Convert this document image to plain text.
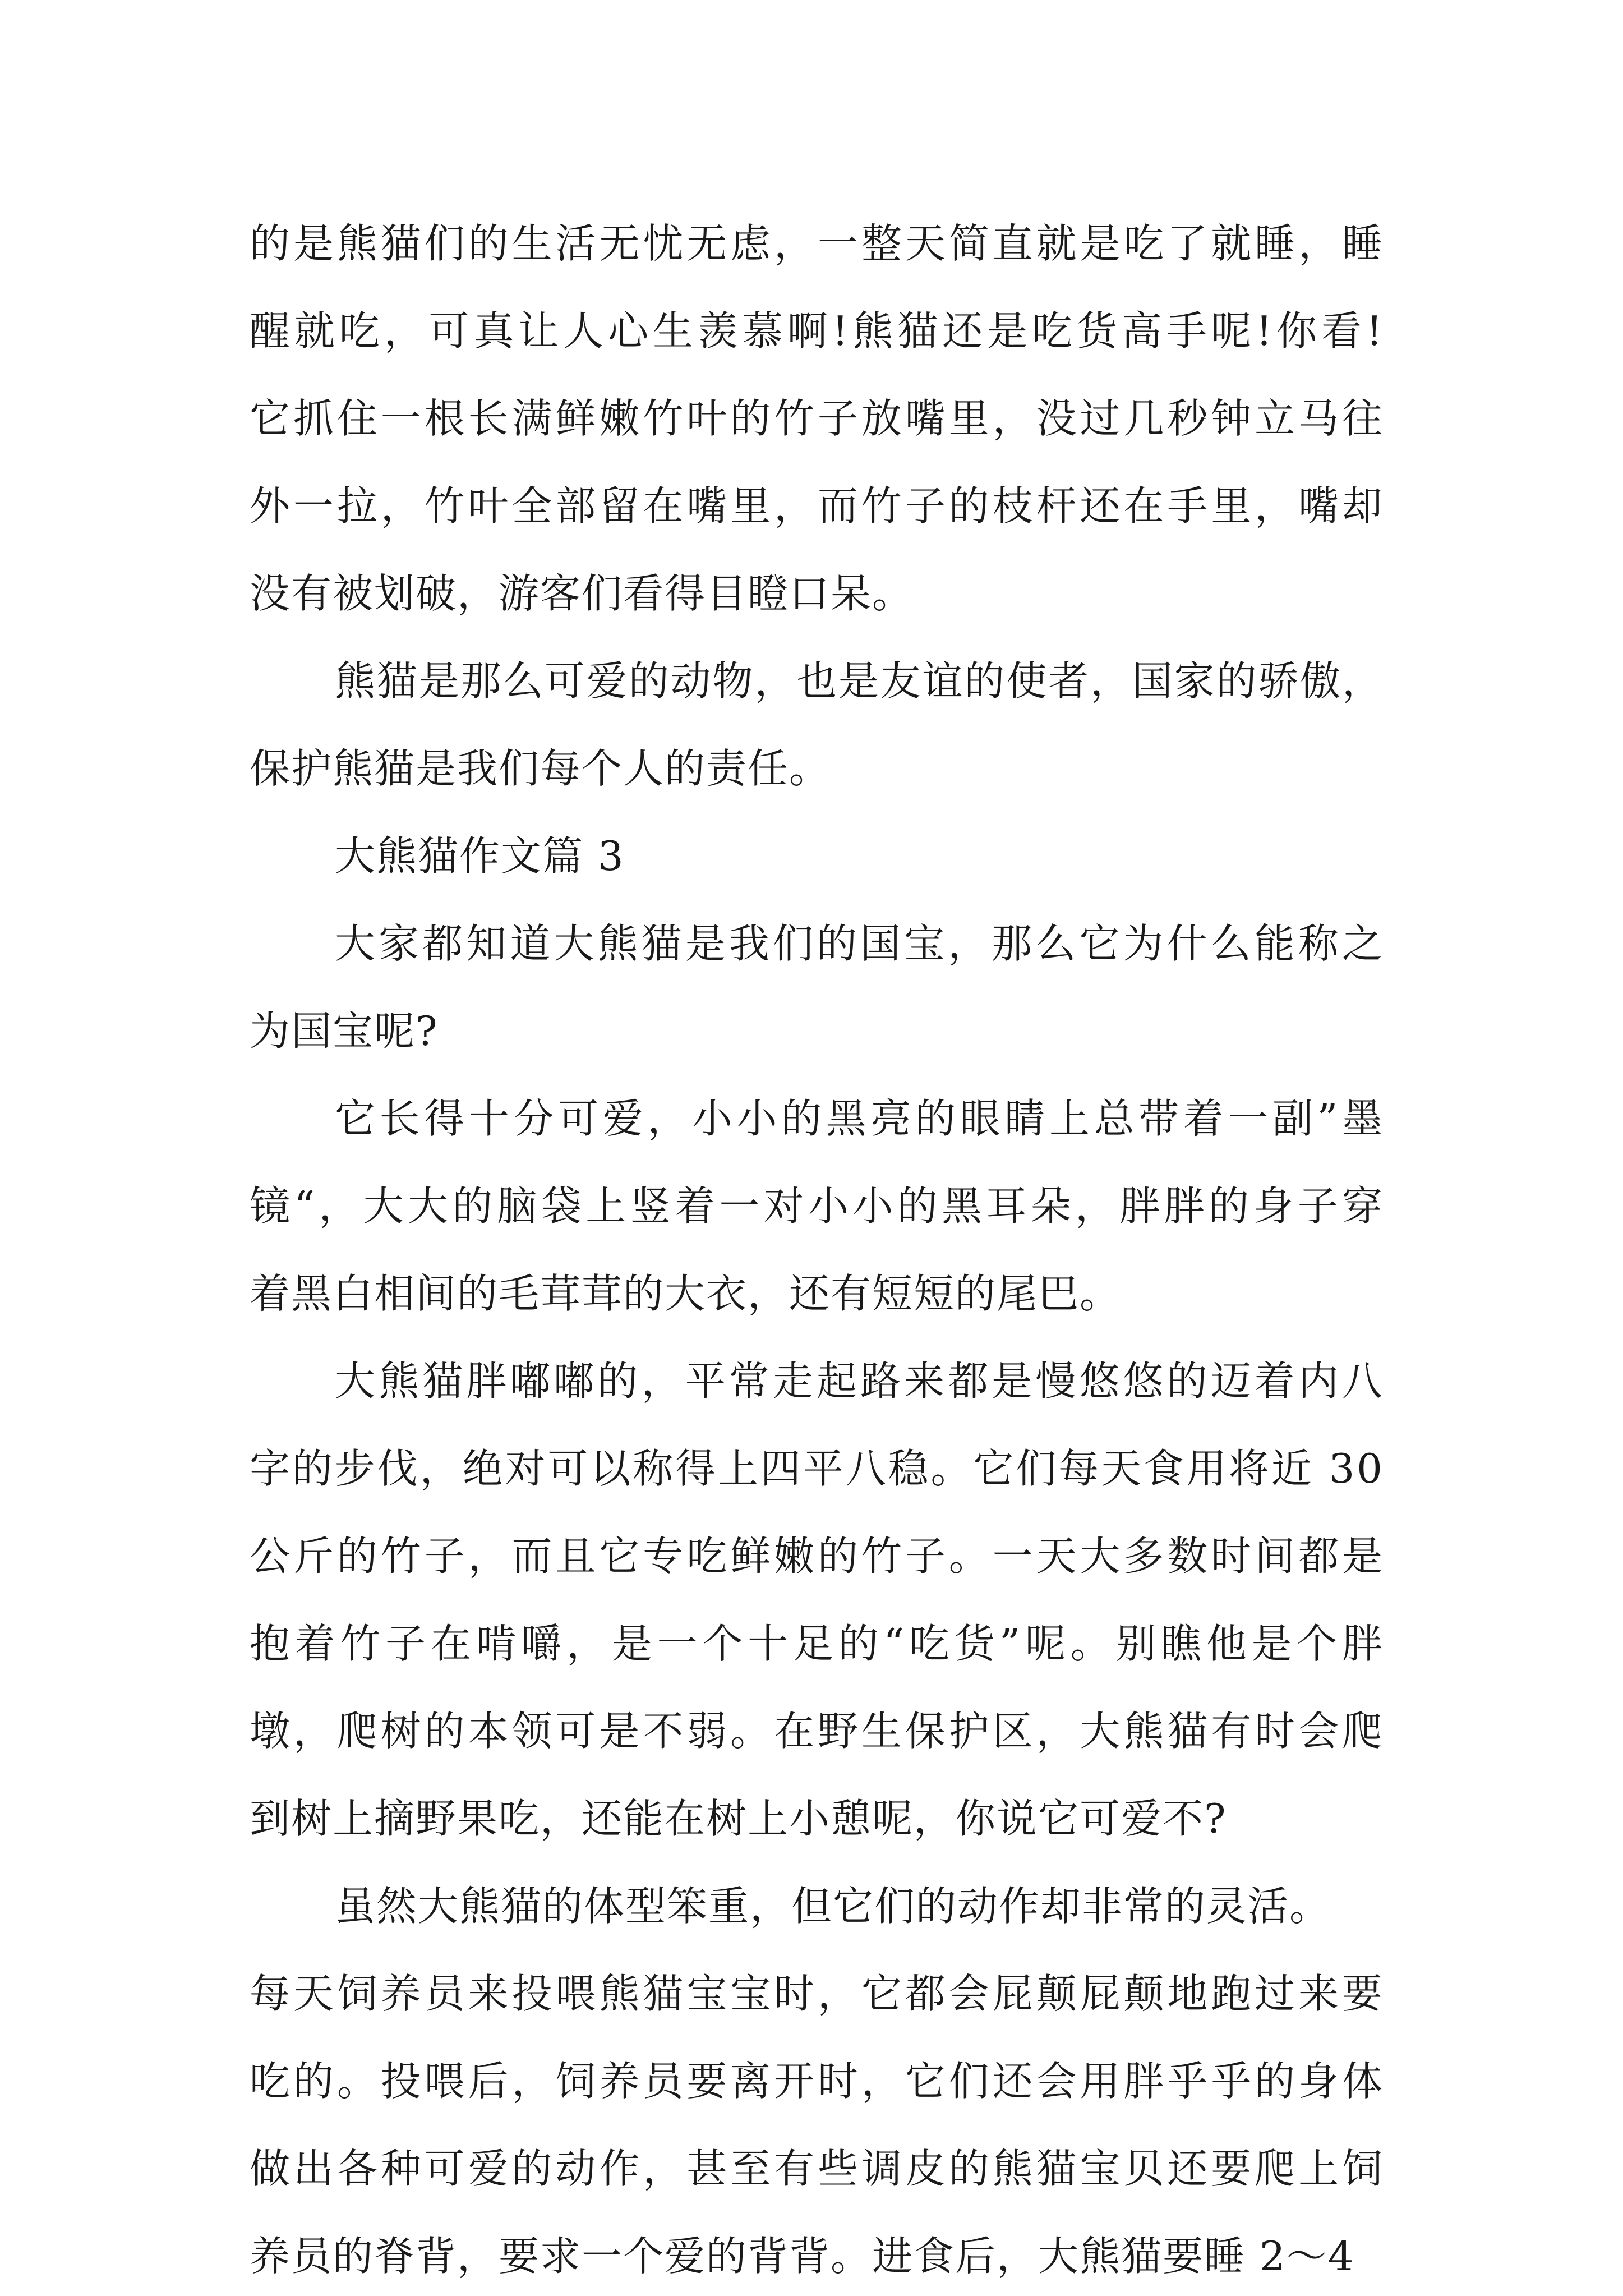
的是熊猫们的生活无忧无虑，一整天简直就是吃了就睡，睡
醒就吃，可真让人心生羡慕啊!熊猫还是吃货高手呢!你看!
它抓住一根长满鲜嫩竹叶的竹子放嘴里，没过几秒钟立马往
外一拉，竹叶全部留在嘴里，而竹子的枝杆还在手里，嘴却
没有被划破，游客们看得目瞪口呆。
熊猫是那么可爱的动物，也是友谊的使者，国家的骄傲，
保护熊猫是我们每个人的责任。
大熊猫作文篇 3
大家都知道大熊猫是我们的国宝，那么它为什么能称之
为国宝呢?
它长得十分可爱，小小的黑亮的眼睛上总带着一副”墨
镜“，大大的脑袋上竖着一对小小的黑耳朵，胖胖的身子穿
着黑白相间的毛茸茸的大衣，还有短短的尾巴。
大熊猫胖嘟嘟的，平常走起路来都是慢悠悠的迈着内八
字的步伐，绝对可以称得上四平八稳。它们每天食用将近 30
公斤的竹子，而且它专吃鲜嫩的竹子。一天大多数时间都是
抱着竹子在啃嚼，是一个十足的“吃货”呢。别瞧他是个胖
墩，爬树的本领可是不弱。在野生保护区，大熊猫有时会爬
到树上摘野果吃，还能在树上小憩呢，你说它可爱不?
虽然大熊猫的体型笨重，但它们的动作却非常的灵活。
每天饲养员来投喂熊猫宝宝时，它都会屁颠屁颠地跑过来要
吃的。投喂后，饲养员要离开时，它们还会用胖乎乎的身体
做出各种可爱的动作，甚至有些调皮的熊猫宝贝还要爬上饲
养员的脊背，要求一个爱的背背。进食后，大熊猫要睡 2～4
